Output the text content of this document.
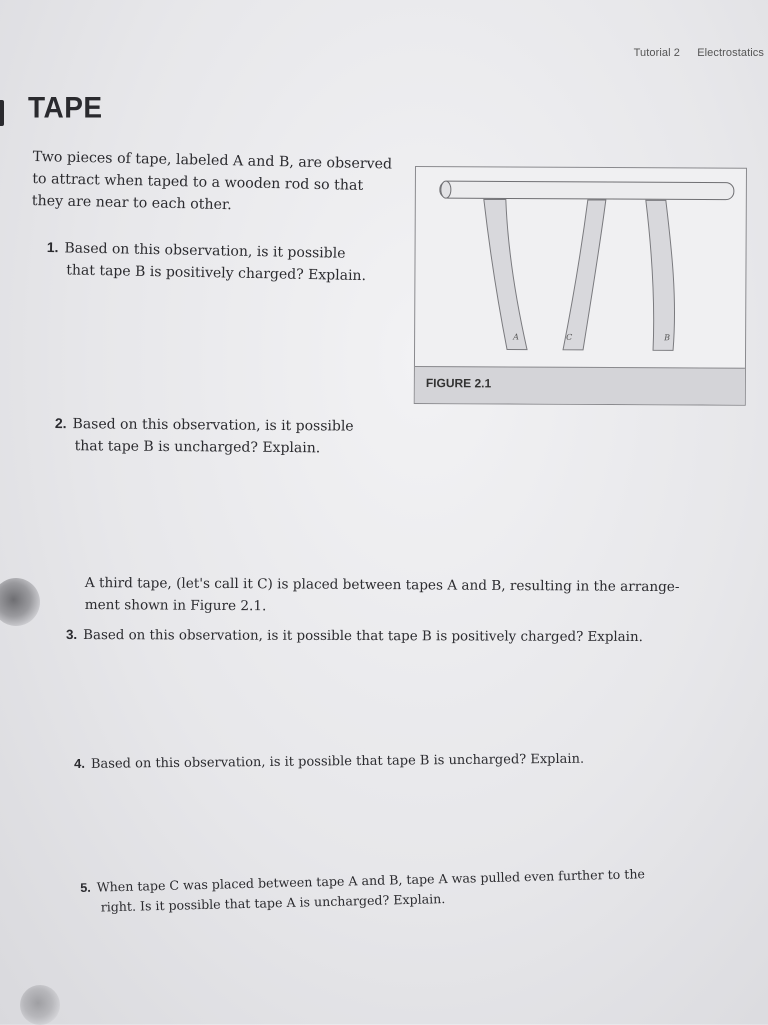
Tutorial 2 Electrostatics
TAPE
Two pieces of tape, labeled A and B, are observed to attract when taped to a wooden rod so that they are near to each other.
1. Based on this observation, is it possible
that tape B is positively charged? Explain.
2. Based on this observation, is it possible
that tape B is uncharged? Explain.
A third tape, (let's call it C) is placed between tapes A and B, resulting in the arrange-
ment shown in Figure 2.1.
3. Based on this observation, is it possible that tape B is positively charged? Explain.
4. Based on this observation, is it possible that tape B is uncharged? Explain.
5. When tape C was placed between tape A and B, tape A was pulled even further to the
right. Is it possible that tape A is uncharged? Explain.
A	C	B
FIGURE 2.1
